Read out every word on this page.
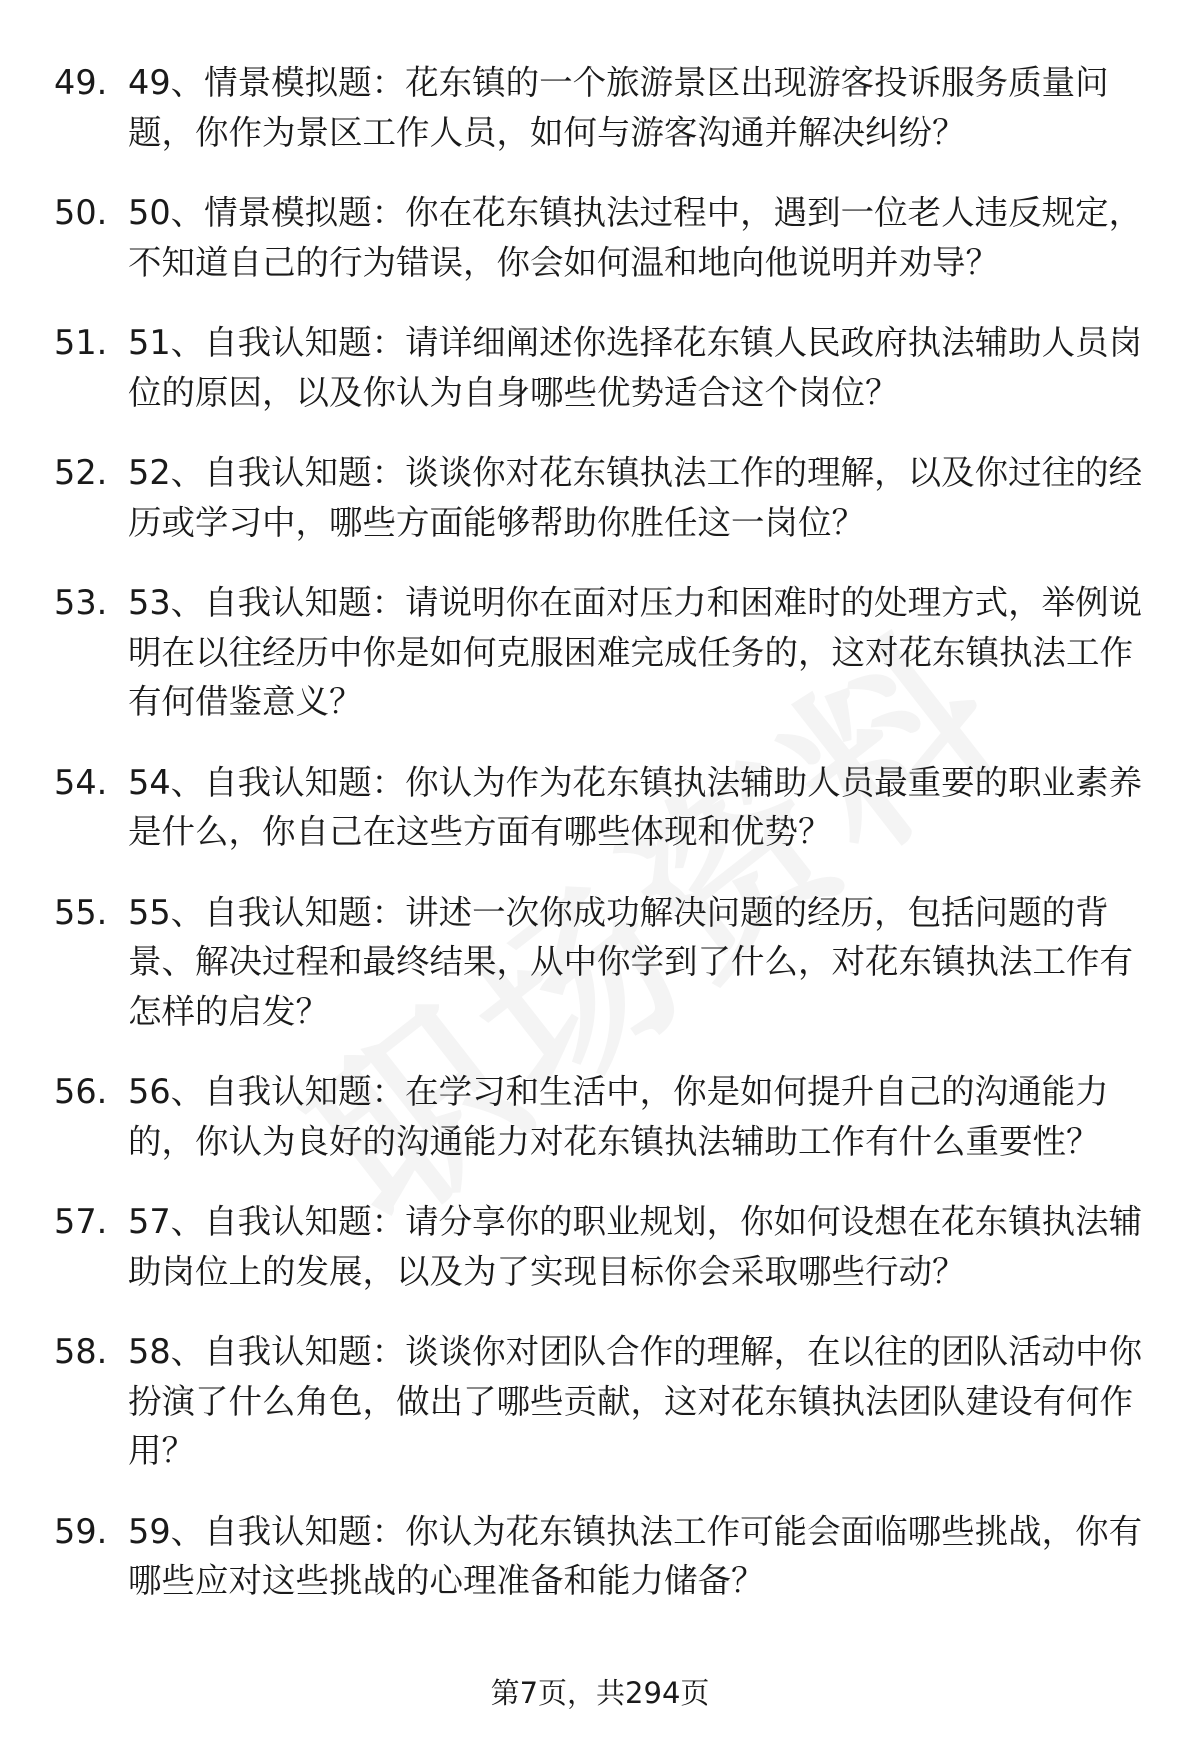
49. 49、情景模拟题：花东镇的一个旅游景区出现游客投诉服务质量问题，你作为景区工作人员，如何与游客沟通并解决纠纷？
50. 50、情景模拟题：你在花东镇执法过程中，遇到一位老人违反规定，不知道自己的行为错误，你会如何温和地向他说明并劝导？
51. 51、自我认知题：请详细阐述你选择花东镇人民政府执法辅助人员岗位的原因，以及你认为自身哪些优势适合这个岗位？
52. 52、自我认知题：谈谈你对花东镇执法工作的理解，以及你过往的经历或学习中，哪些方面能够帮助你胜任这一岗位？
53. 53、自我认知题：请说明你在面对压力和困难时的处理方式，举例说明在以往经历中你是如何克服困难完成任务的，这对花东镇执法工作有何借鉴意义？
54. 54、自我认知题：你认为作为花东镇执法辅助人员最重要的职业素养是什么，你自己在这些方面有哪些体现和优势？
55. 55、自我认知题：讲述一次你成功解决问题的经历，包括问题的背景、解决过程和最终结果，从中你学到了什么，对花东镇执法工作有怎样的启发？
56. 56、自我认知题：在学习和生活中，你是如何提升自己的沟通能力的，你认为良好的沟通能力对花东镇执法辅助工作有什么重要性？
57. 57、自我认知题：请分享你的职业规划，你如何设想在花东镇执法辅助岗位上的发展，以及为了实现目标你会采取哪些行动？
58. 58、自我认知题：谈谈你对团队合作的理解，在以往的团队活动中你扮演了什么角色，做出了哪些贡献，这对花东镇执法团队建设有何作用？
59. 59、自我认知题：你认为花东镇执法工作可能会面临哪些挑战，你有哪些应对这些挑战的心理准备和能力储备？
第7页，共294页
